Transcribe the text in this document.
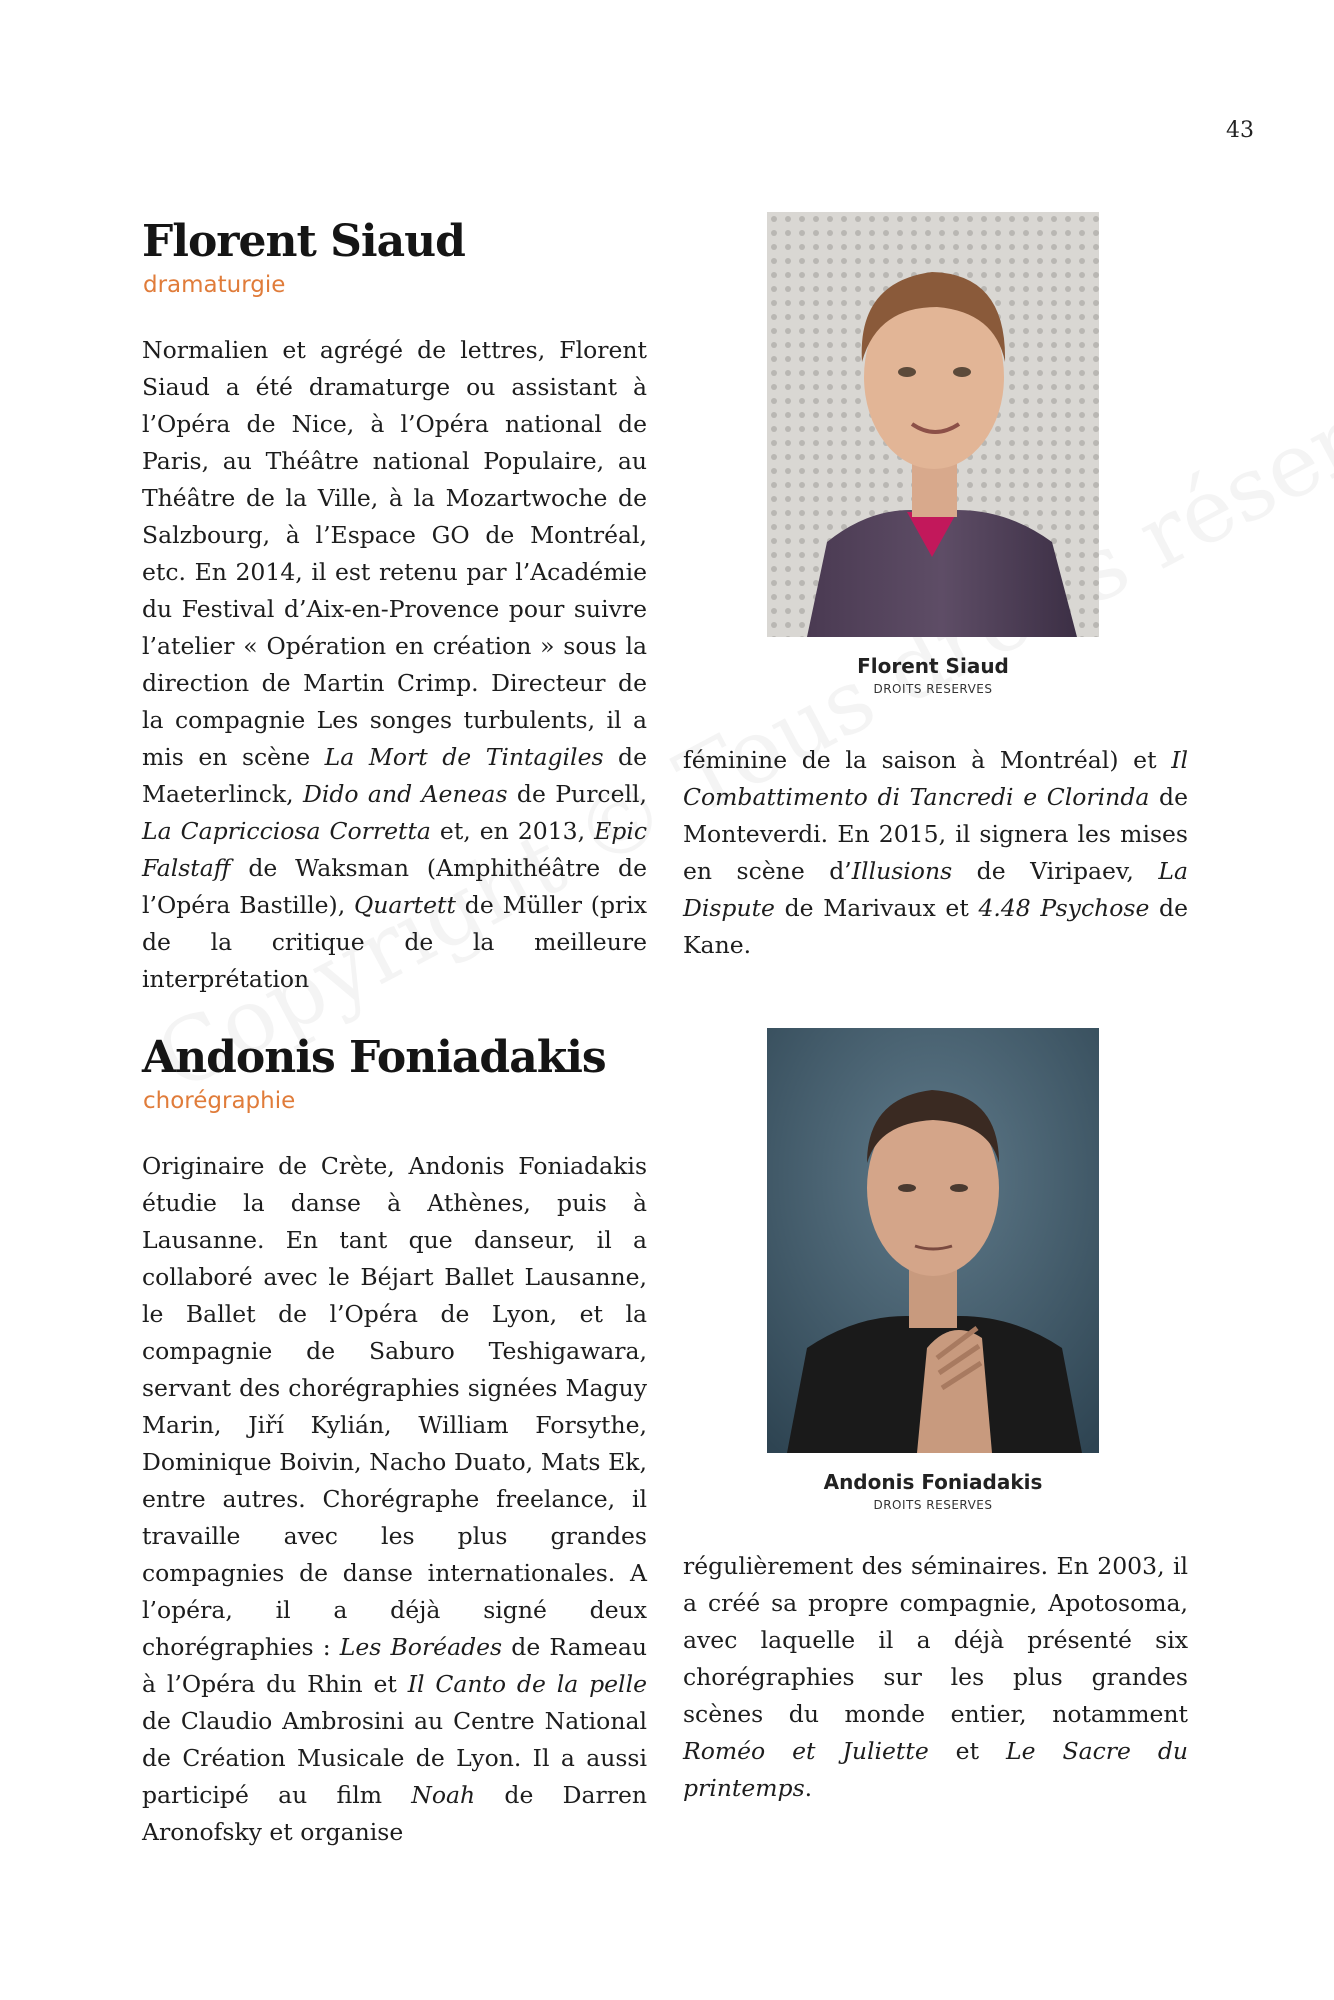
43
Florent Siaud
dramaturgie
Normalien et agrégé de lettres, Florent Siaud a été dramaturge ou assistant à l’Opéra de Nice, à l’Opéra national de Paris, au Théâtre national Populaire, au Théâtre de la Ville, à la Mozartwoche de Salzbourg, à l’Espace GO de Montréal, etc. En 2014, il est retenu par l’Académie du Festival d’Aix-en-Provence pour suivre l’atelier « Opération en création » sous la direction de Martin Crimp. Directeur de la compagnie Les songes turbulents, il a mis en scène La Mort de Tintagiles de Maeterlinck, Dido and Aeneas de Purcell, La Capricciosa Corretta et, en 2013, Epic Falstaff de Waksman (Amphithéâtre de l’Opéra Bastille), Quartett de Müller (prix de la critique de la meilleure interprétation
Florent Siaud
DROITS RESERVES
féminine de la saison à Montréal) et Il Combattimento di Tancredi e Clorinda de Monteverdi. En 2015, il signera les mises en scène d’Illusions de Viripaev, La Dispute de Marivaux et 4.48 Psychose de Kane.
Andonis Foniadakis
chorégraphie
Originaire de Crète, Andonis Foniadakis étudie la danse à Athènes, puis à Lausanne. En tant que danseur, il a collaboré avec le Béjart Ballet Lausanne, le Ballet de l’Opéra de Lyon, et la compagnie de Saburo Teshigawara, servant des chorégraphies signées Maguy Marin, Jiří Kylián, William Forsythe, Dominique Boivin, Nacho Duato, Mats Ek, entre autres. Chorégraphe freelance, il travaille avec les plus grandes compagnies de danse internationales. A l’opéra, il a déjà signé deux chorégraphies : Les Boréades de Rameau à l’Opéra du Rhin et Il Canto de la pelle de Claudio Ambrosini au Centre National de Création Musicale de Lyon. Il a aussi participé au film Noah de Darren Aronofsky et organise
Andonis Foniadakis
DROITS RESERVES
régulièrement des séminaires. En 2003, il a créé sa propre compagnie, Apotosoma, avec laquelle il a déjà présenté six chorégraphies sur les plus grandes scènes du monde entier, notamment Roméo et Juliette et Le Sacre du printemps.
